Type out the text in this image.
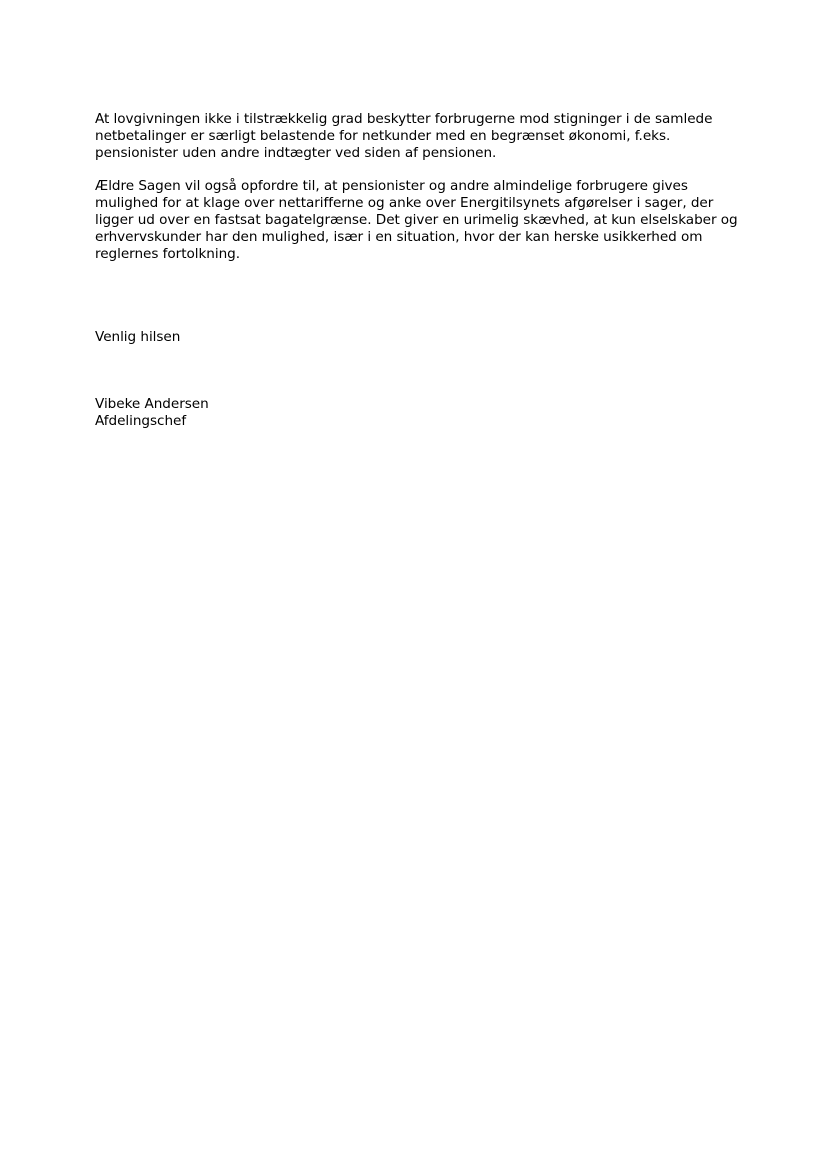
At lovgivningen ikke i tilstrækkelig grad beskytter forbrugerne mod stigninger i de samlede
netbetalinger er særligt belastende for netkunder med en begrænset økonomi, f.eks.
pensionister uden andre indtægter ved siden af pensionen.

Ældre Sagen vil også opfordre til, at pensionister og andre almindelige forbrugere gives
mulighed for at klage over nettarifferne og anke over Energitilsynets afgørelser i sager, der
ligger ud over en fastsat bagatelgrænse. Det giver en urimelig skævhed, at kun elselskaber og
erhvervskunder har den mulighed, især i en situation, hvor der kan herske usikkerhed om
reglernes fortolkning.

Venlig hilsen

Vibeke Andersen
Afdelingschef
